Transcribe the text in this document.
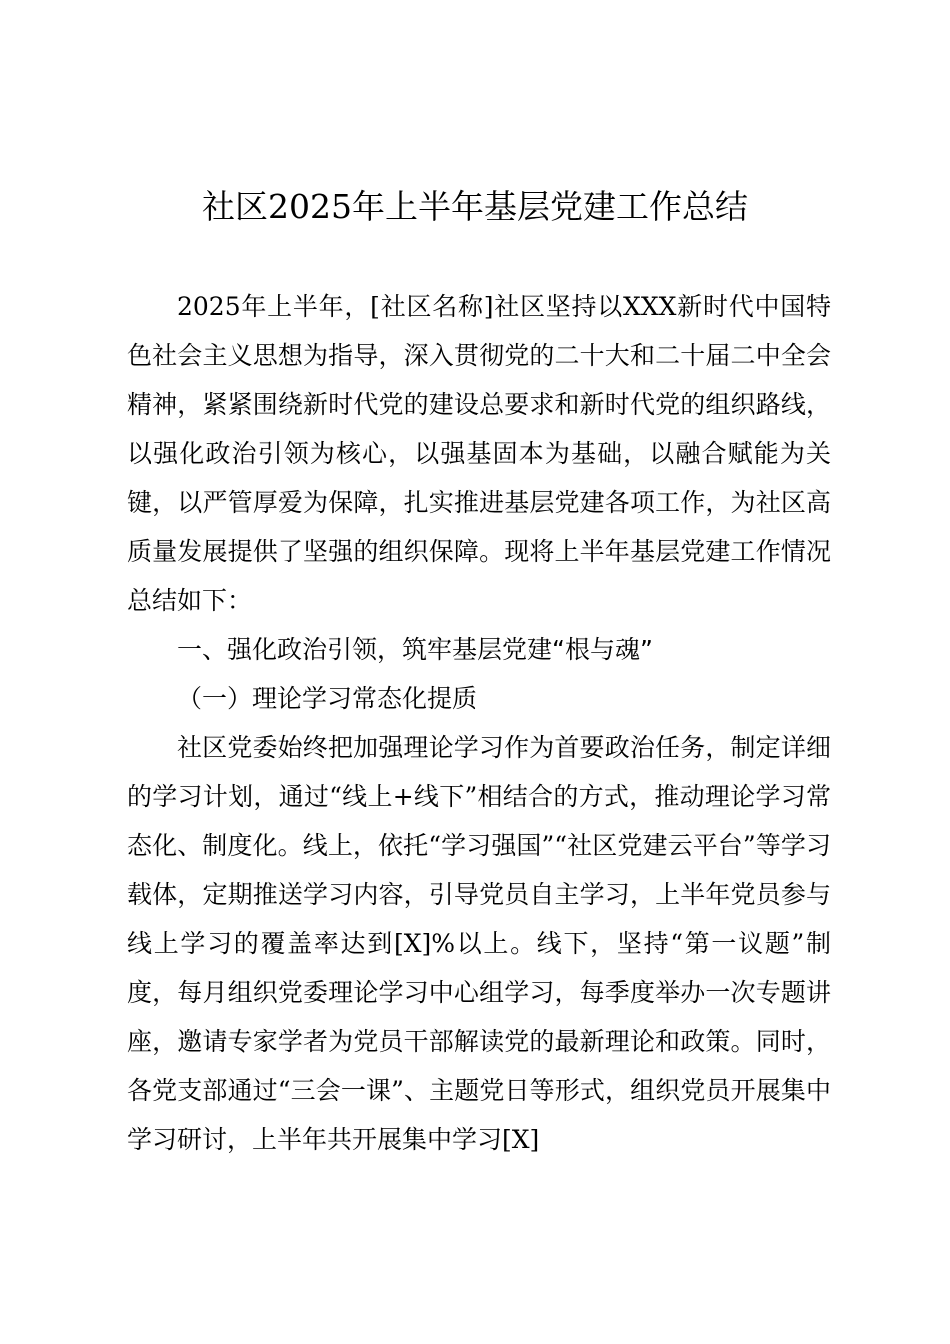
社区2025年上半年基层党建工作总结

2025年上半年，[社区名称]社区坚持以XXX新时代中国特色社会主义思想为指导，深入贯彻党的二十大和二十届二中全会精神，紧紧围绕新时代党的建设总要求和新时代党的组织路线，以强化政治引领为核心，以强基固本为基础，以融合赋能为关键，以严管厚爱为保障，扎实推进基层党建各项工作，为社区高质量发展提供了坚强的组织保障。现将上半年基层党建工作情况总结如下：

一、强化政治引领，筑牢基层党建“根与魂”

（一）理论学习常态化提质

社区党委始终把加强理论学习作为首要政治任务，制定详细的学习计划，通过“线上+线下”相结合的方式，推动理论学习常态化、制度化。线上，依托“学习强国”“社区党建云平台”等学习载体，定期推送学习内容，引导党员自主学习，上半年党员参与线上学习的覆盖率达到[X]%以上。线下，坚持“第一议题”制度，每月组织党委理论学习中心组学习，每季度举办一次专题讲座，邀请专家学者为党员干部解读党的最新理论和政策。同时，各党支部通过“三会一课”、主题党日等形式，组织党员开展集中学习研讨，上半年共开展集中学习[X]
